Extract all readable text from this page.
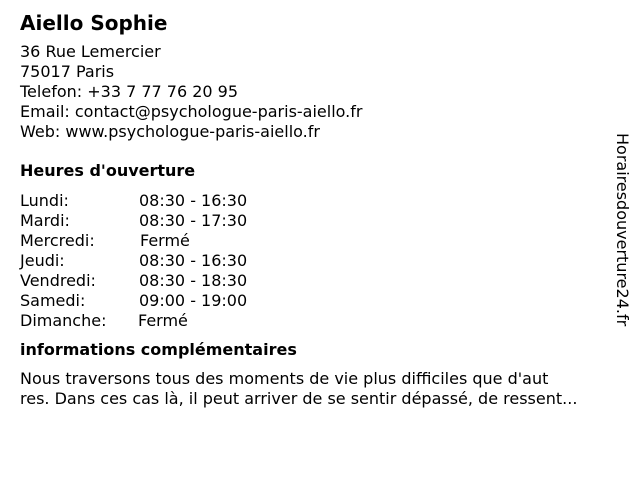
Aiello Sophie
36 Rue Lemercier
75017 Paris
Telefon: +33 7 77 76 20 95
Email: contact@psychologue-paris-aiello.fr
Web: www.psychologue-paris-aiello.fr
Heures d'ouverture
Lundi:	08:30 - 16:30
Mardi:	08:30 - 17:30
Mercredi:	Fermé
Jeudi:	08:30 - 16:30
Vendredi:	08:30 - 18:30
Samedi:	09:00 - 19:00
Dimanche: Fermé
informations complémentaires
Nous traversons tous des moments de vie plus difficiles que d'aut
res. Dans ces cas là, il peut arriver de se sentir dépassé, de ressent...
Horairesdouverture24.fr
